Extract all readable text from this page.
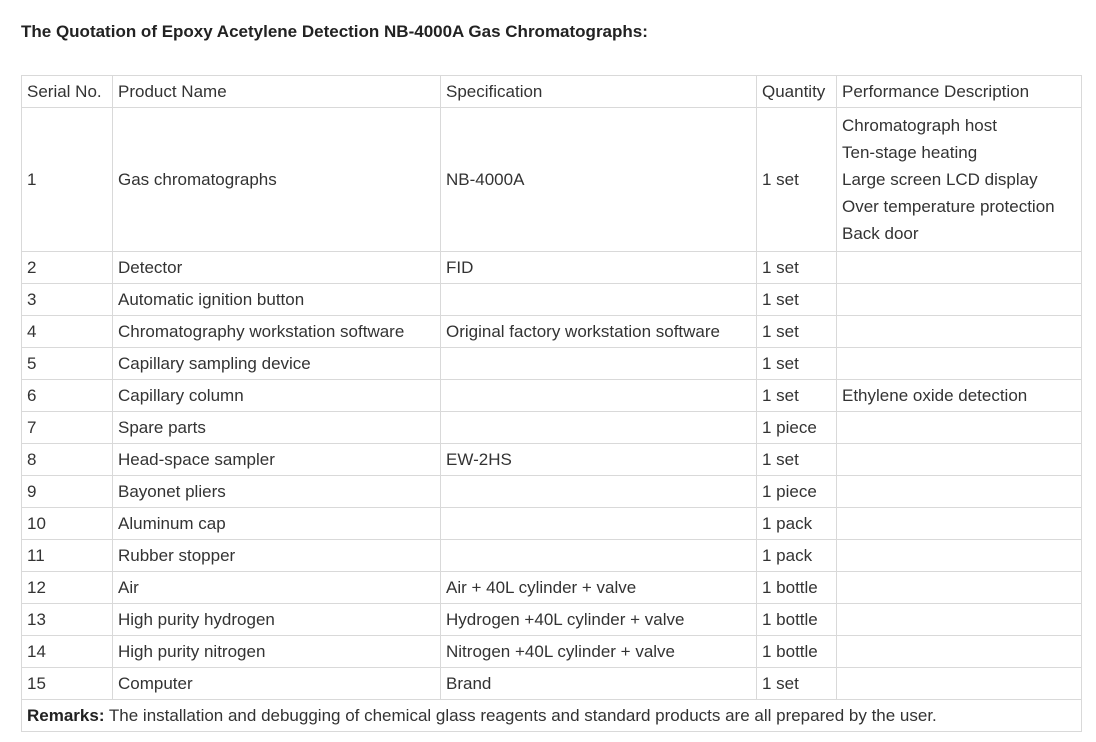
The Quotation of Epoxy Acetylene Detection NB-4000A Gas Chromatographs:
Serial No.	Product Name	Specification	Quantity	Performance Description
1	Gas chromatographs	NB-4000A	1 set	Chromatograph host
Ten-stage heating
Large screen LCD display
Over temperature protection
Back door

2	Detector	FID	1 set	
3	Automatic ignition button		1 set	
4	Chromatography workstation software	Original factory workstation software	1 set	
5	Capillary sampling device		1 set	
6	Capillary column		1 set	Ethylene oxide detection
7	Spare parts		1 piece	
8	Head-space sampler	EW-2HS	1 set	
9	Bayonet pliers		1 piece	
10	Aluminum cap		1 pack	
11	Rubber stopper		1 pack	
12	Air	Air + 40L cylinder + valve	1 bottle	
13	High purity hydrogen	Hydrogen +40L cylinder + valve	1 bottle	
14	High purity nitrogen	Nitrogen +40L cylinder + valve	1 bottle	
15	Computer	Brand	1 set	
Remarks: The installation and debugging of chemical glass reagents and standard products are all prepared by the user.				
